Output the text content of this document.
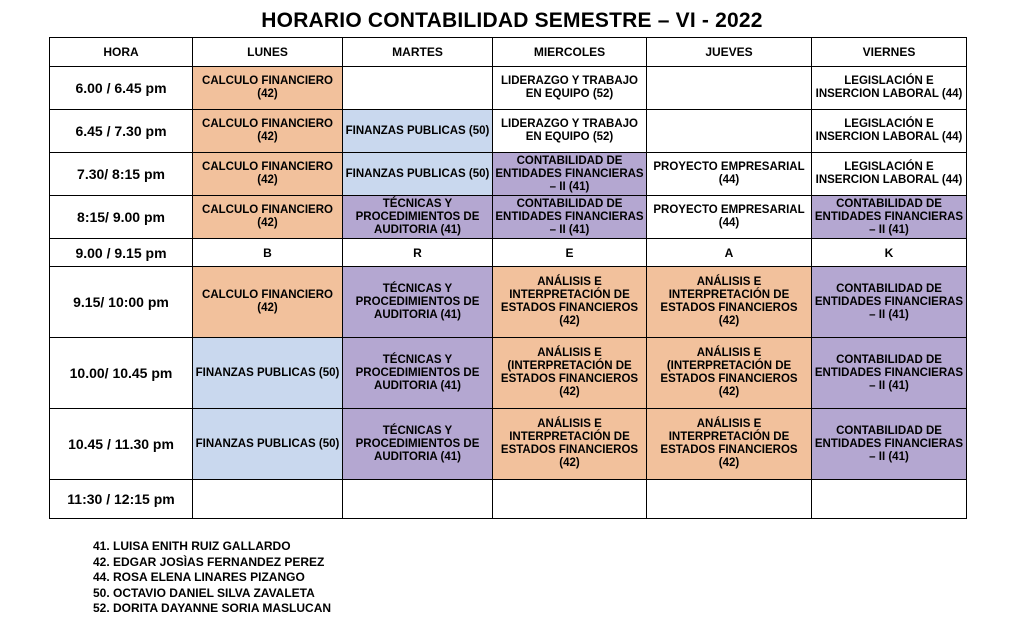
HORARIO CONTABILIDAD SEMESTRE – VI - 2022
HORA	LUNES	MARTES	MIERCOLES	JUEVES	VIERNES
6.00 / 6.45 pm	CALCULO FINANCIERO (42)		LIDERAZGO Y TRABAJO EN EQUIPO (52)		LEGISLACIÓN E INSERCION LABORAL (44)
6.45 / 7.30 pm	CALCULO FINANCIERO (42)	FINANZAS PUBLICAS (50)	LIDERAZGO Y TRABAJO EN EQUIPO (52)		LEGISLACIÓN E INSERCION LABORAL (44)
7.30/ 8:15 pm	CALCULO FINANCIERO (42)	FINANZAS PUBLICAS (50)	CONTABILIDAD DE ENTIDADES FINANCIERAS – II (41)	PROYECTO EMPRESARIAL (44)	LEGISLACIÓN E INSERCION LABORAL (44)
8:15/ 9.00 pm	CALCULO FINANCIERO (42)	TÉCNICAS Y PROCEDIMIENTOS DE AUDITORIA (41)	CONTABILIDAD DE ENTIDADES FINANCIERAS – II (41)	PROYECTO EMPRESARIAL (44)	CONTABILIDAD DE ENTIDADES FINANCIERAS – II (41)
9.00 / 9.15 pm	B	R	E	A	K
9.15/ 10:00 pm	CALCULO FINANCIERO (42)	TÉCNICAS Y PROCEDIMIENTOS DE AUDITORIA (41)	ANÁLISIS E INTERPRETACIÓN DE ESTADOS FINANCIEROS (42)	ANÁLISIS E INTERPRETACIÓN DE ESTADOS FINANCIEROS (42)	CONTABILIDAD DE ENTIDADES FINANCIERAS – II (41)
10.00/ 10.45 pm	FINANZAS PUBLICAS (50)	TÉCNICAS Y PROCEDIMIENTOS DE AUDITORIA (41)	ANÁLISIS E (INTERPRETACIÓN DE ESTADOS FINANCIEROS (42)	ANÁLISIS E (INTERPRETACIÓN DE ESTADOS FINANCIEROS (42)	CONTABILIDAD DE ENTIDADES FINANCIERAS – II (41)
10.45 / 11.30 pm	FINANZAS PUBLICAS (50)	TÉCNICAS Y PROCEDIMIENTOS DE AUDITORIA (41)	ANÁLISIS E INTERPRETACIÓN DE ESTADOS FINANCIEROS (42)	ANÁLISIS E INTERPRETACIÓN DE ESTADOS FINANCIEROS (42)	CONTABILIDAD DE ENTIDADES FINANCIERAS – II (41)
11:30 / 12:15 pm					
41. LUISA ENITH RUIZ GALLARDO
42. EDGAR JOSÌAS FERNANDEZ PEREZ
44. ROSA ELENA LINARES PIZANGO
50. OCTAVIO DANIEL SILVA ZAVALETA
52. DORITA DAYANNE SORIA MASLUCAN
